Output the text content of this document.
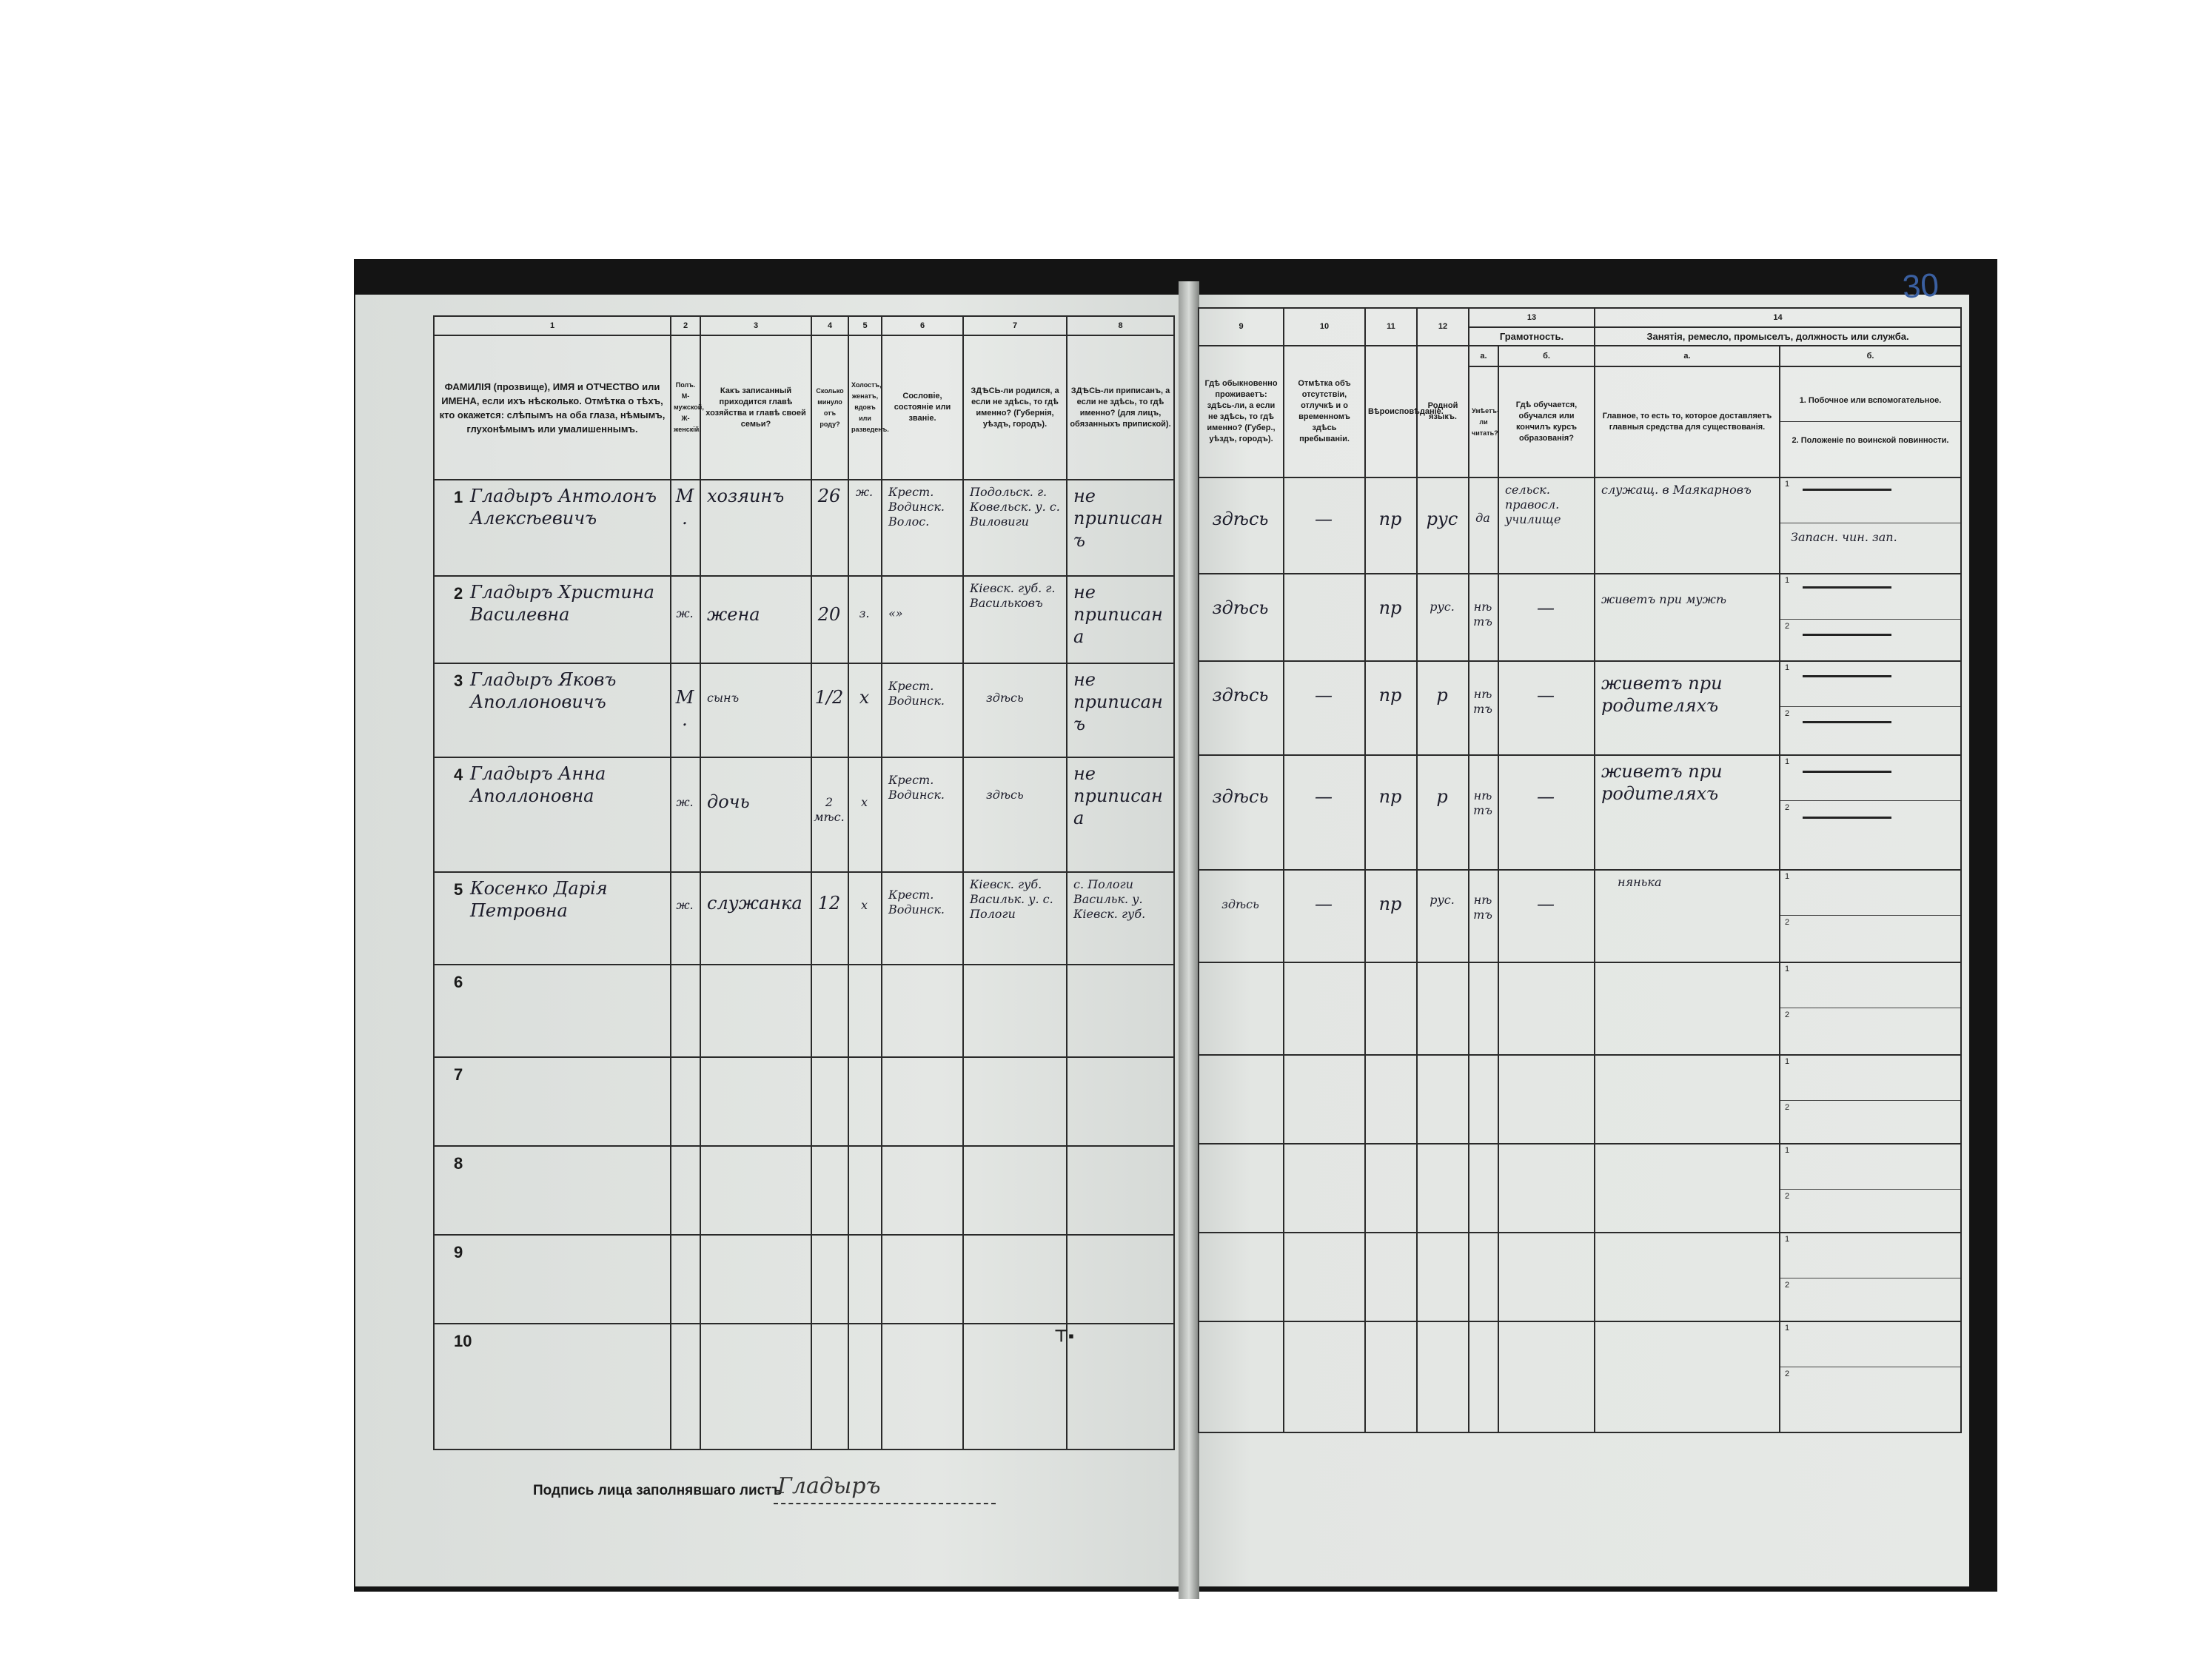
30
1	2	3	4	5	6	7	8
ФАМИЛІЯ (прозвище), ИМЯ и ОТЧЕСТВО или ИМЕНА, если ихъ нѣсколько. Отмѣтка о тѣхъ, кто окажется: слѣпымъ на оба глаза, нѣмымъ, глухонѣмымъ или умалишеннымъ.	Полъ. М-мужской, Ж-женскій.	Какъ записанный приходится главѣ хозяйства и главѣ своей семьи?	Сколько минуло отъ роду?	Холостъ, женатъ, вдовъ или разведенъ.	Сословіе, состояніе или званіе.	ЗДѢСЬ-ли родился, а если не здѣсь, то гдѣ именно? (Губернія, уѣздъ, городъ).	ЗДѢСЬ-ли приписанъ, а если не здѣсь, то гдѣ именно? (для лицъ, обязанныхъ припиской).

1 Гладыръ Антолонъ Алексѣевичъ	М.	хозяинъ	26	ж.	Крест. Водинск. Волос.	Подольск. г. Ковельск. у. с. Виловиги	не приписанъ

2 Гладыръ Христина Василевна	ж.	жена	20	з.	«»	Кіевск. губ. г. Васильковъ	не приписана

3 Гладыръ Яковъ Аполлоновичъ	М.	сынъ	1/2	х	Крест. Водинск.	здѣсь	не приписанъ

4 Гладыръ Анна Аполлоновна	ж.	дочь	2 мѣс.	х	Крест. Водинск.	здѣсь	не приписана

5 Косенко Дарія Петровна	ж.	служанка	12	х	Крест. Водинск.	Кіевск. губ. Васильк. у. с. Пологи	с. Пологи Васильк. у. Кіевск. губ.

6							

7							

8							

9							

10							

9	10	11	12	13		14	
				Грамотность.		Занятія, ремесло, промыселъ, должность или служба.	
Гдѣ обыкновенно проживаетъ: здѣсь-ли, а если не здѣсь, то гдѣ именно? (Губер., уѣздъ, городъ).	Отмѣтка объ отсутствіи, отлучкѣ и о временномъ здѣсь пребываніи.	Вѣроисповѣданіе.	Родной языкъ.	а.	б.	а.	б.
				Умѣетъ-ли читать?	Гдѣ обучается, обучался или кончилъ курсъ образованія?	Главное, то есть то, которое доставляетъ главныя средства для существованія.	1. Побочное или вспомогательное.
2. Положеніе по воинской повинности.

здѣсь	—	пр	рус	да	сельск. правосл. училище	служащ. в Маякарновъ	1
Запасн. чин. зап.

здѣсь		пр	рус.	нѣтъ	—	живетъ при мужѣ	1
2

здѣсь	—	пр	р	нѣтъ	—	живетъ при родителяхъ	1
2

здѣсь	—	пр	р	нѣтъ	—	живетъ при родителяхъ	1
2

здѣсь	—	пр	рус.	нѣтъ	—	нянька	1
2

							1
2

							1
2

							1
2

							1
2

							1
2
⊤▪
Подпись лица заполнявшаго листъ
Гладыръ
